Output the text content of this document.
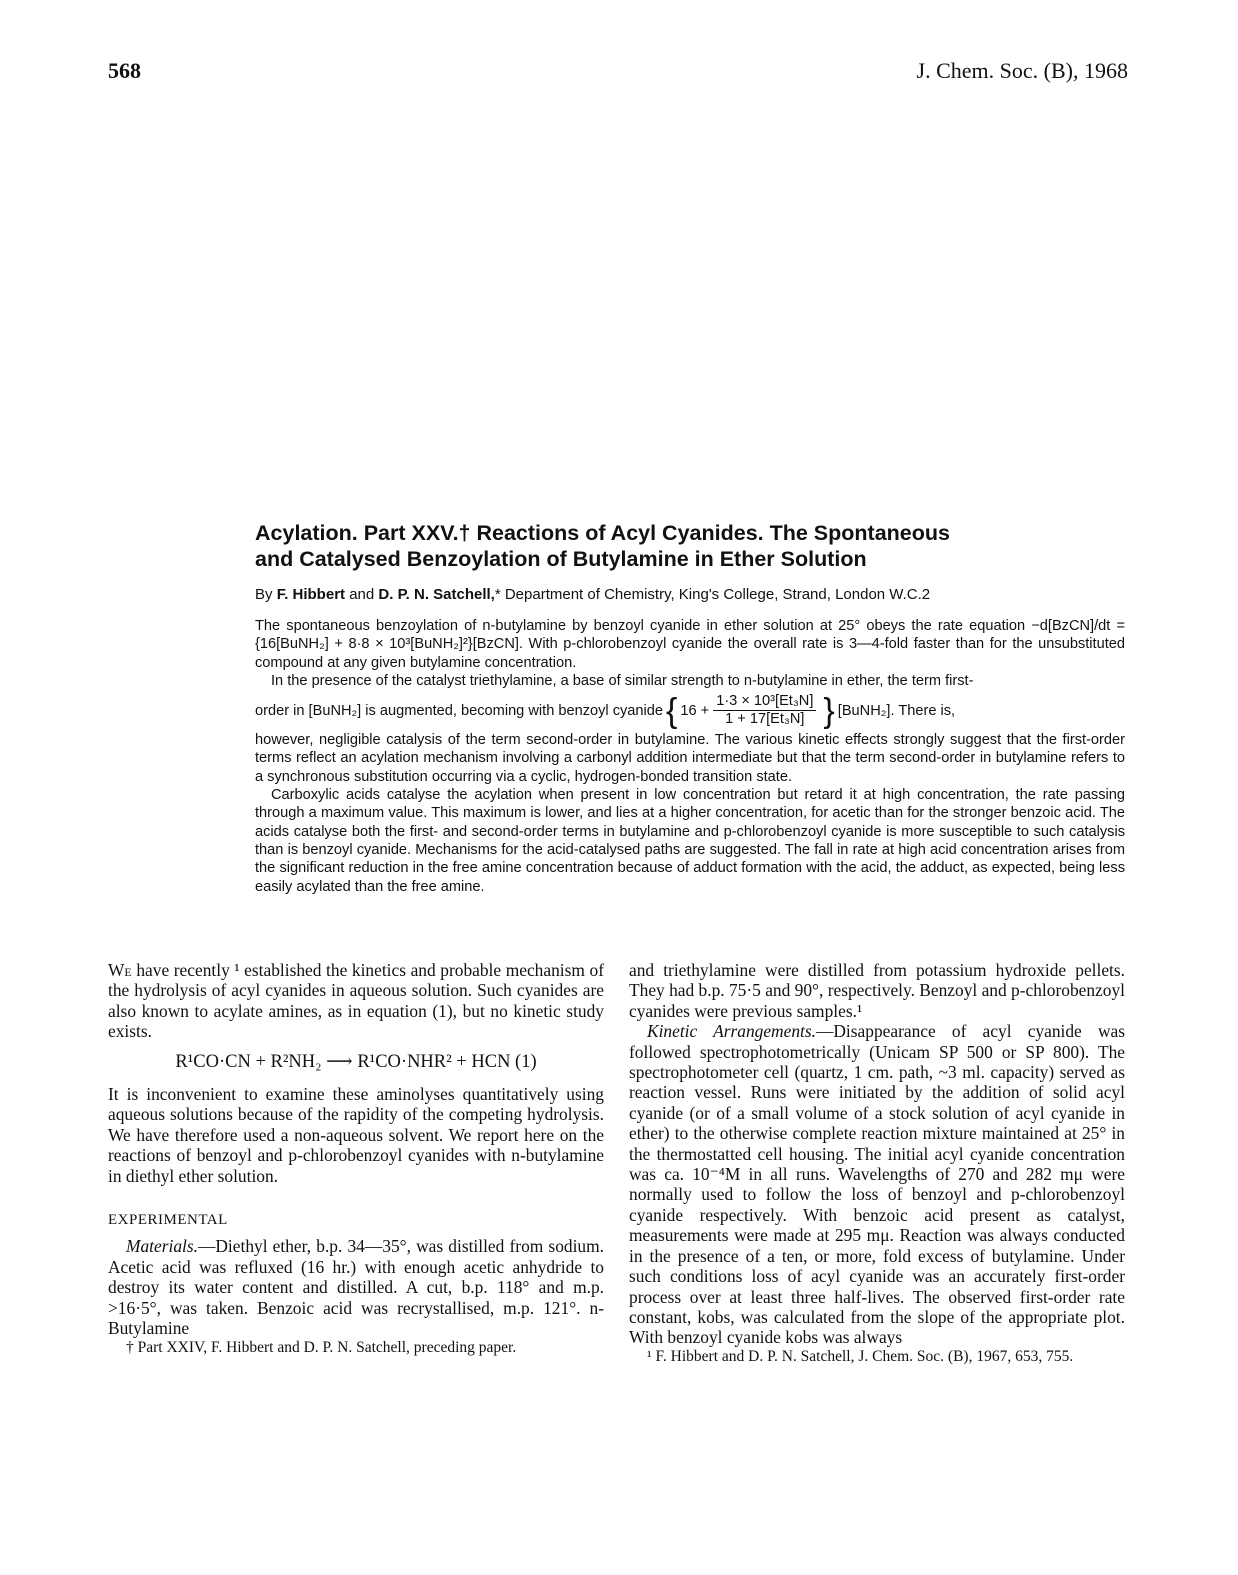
568	J. Chem. Soc. (B), 1968
Acylation. Part XXV.† Reactions of Acyl Cyanides. The Spontaneous
and Catalysed Benzoylation of Butylamine in Ether Solution
By F. Hibbert and D. P. N. Satchell,* Department of Chemistry, King's College, Strand, London W.C.2

The spontaneous benzoylation of n-butylamine by benzoyl cyanide in ether solution at 25° obeys the rate equation −d[BzCN]/dt = {16[BuNH₂] + 8·8 × 10³[BuNH₂]²}[BzCN]. With p-chlorobenzoyl cyanide the overall rate is 3—4-fold faster than for the unsubstituted compound at any given butylamine concentration.

In the presence of the catalyst triethylamine, a base of similar strength to n-butylamine in ether, the term first-

order in [BuNH₂] is augmented, becoming with benzoyl cyanide { $16 + \frac{\text{1·3 × 10³[Et₃N]}}{\text{1 + 17[Et₃N]}}$ } [BuNH₂]. There is,

however, negligible catalysis of the term second-order in butylamine. The various kinetic effects strongly suggest that the first-order terms reflect an acylation mechanism involving a carbonyl addition intermediate but that the term second-order in butylamine refers to a synchronous substitution occurring via a cyclic, hydrogen-bonded transition state.

Carboxylic acids catalyse the acylation when present in low concentration but retard it at high concentration, the rate passing through a maximum value. This maximum is lower, and lies at a higher concentration, for acetic than for the stronger benzoic acid. The acids catalyse both the first- and second-order terms in butylamine and p-chlorobenzoyl cyanide is more susceptible to such catalysis than is benzoyl cyanide. Mechanisms for the acid-catalysed paths are suggested. The fall in rate at high acid concentration arises from the significant reduction in the free amine concentration because of adduct formation with the acid, the adduct, as expected, being less easily acylated than the free amine.

We have recently ¹ established the kinetics and probable mechanism of the hydrolysis of acyl cyanides in aqueous solution. Such cyanides are also known to acylate amines, as in equation (1), but no kinetic study exists.

R¹CO·CN + R²NH₂ ⟶ R¹CO·NHR² + HCN (1)

It is inconvenient to examine these aminolyses quantitatively using aqueous solutions because of the rapidity of the competing hydrolysis. We have therefore used a non-aqueous solvent. We report here on the reactions of benzoyl and p-chlorobenzoyl cyanides with n-butylamine in diethyl ether solution.

EXPERIMENTAL

Materials.—Diethyl ether, b.p. 34—35°, was distilled from sodium. Acetic acid was refluxed (16 hr.) with enough acetic anhydride to destroy its water content and distilled. A cut, b.p. 118° and m.p. >16·5°, was taken. Benzoic acid was recrystallised, m.p. 121°. n-Butylamine

† Part XXIV, F. Hibbert and D. P. N. Satchell, preceding paper.

and triethylamine were distilled from potassium hydroxide pellets. They had b.p. 75·5 and 90°, respectively. Benzoyl and p-chlorobenzoyl cyanides were previous samples.¹

Kinetic Arrangements.—Disappearance of acyl cyanide was followed spectrophotometrically (Unicam SP 500 or SP 800). The spectrophotometer cell (quartz, 1 cm. path, ~3 ml. capacity) served as reaction vessel. Runs were initiated by the addition of solid acyl cyanide (or of a small volume of a stock solution of acyl cyanide in ether) to the otherwise complete reaction mixture maintained at 25° in the thermostatted cell housing. The initial acyl cyanide concentration was ca. 10⁻⁴M in all runs. Wavelengths of 270 and 282 mμ were normally used to follow the loss of benzoyl and p-chlorobenzoyl cyanide respectively. With benzoic acid present as catalyst, measurements were made at 295 mμ. Reaction was always conducted in the presence of a ten, or more, fold excess of butylamine. Under such conditions loss of acyl cyanide was an accurately first-order process over at least three half-lives. The observed first-order rate constant, kobs, was calculated from the slope of the appropriate plot. With benzoyl cyanide kobs was always

¹ F. Hibbert and D. P. N. Satchell, J. Chem. Soc. (B), 1967, 653, 755.
